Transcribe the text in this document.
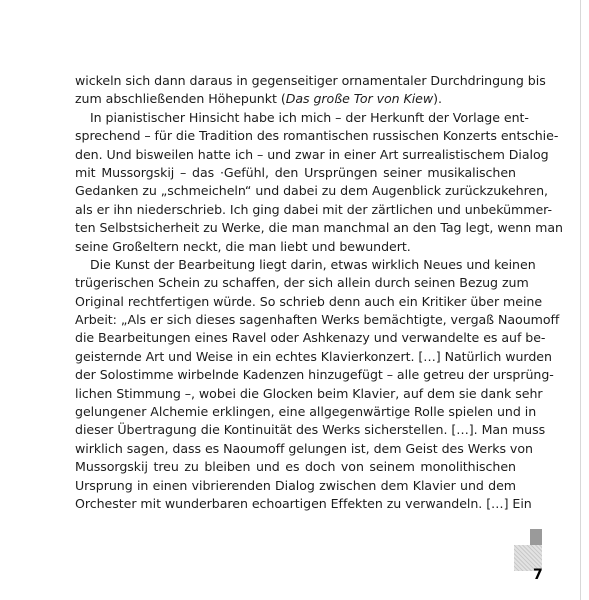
wickeln sich dann daraus in gegenseitiger ornamentaler Durchdringung bis
zum abschließenden Höhepunkt (Das große Tor von Kiew).
In pianistischer Hinsicht habe ich mich – der Herkunft der Vorlage ent-
sprechend – für die Tradition des romantischen russischen Konzerts entschie-
den. Und bisweilen hatte ich – und zwar in einer Art surrealistischem Dialog
mit Mussorgskij – das ·Gefühl, den Ursprüngen seiner musikalischen
Gedanken zu „schmeicheln“ und dabei zu dem Augenblick zurückzukehren,
als er ihn niederschrieb. Ich ging dabei mit der zärtlichen und unbekümmer-
ten Selbstsicherheit zu Werke, die man manchmal an den Tag legt, wenn man
seine Großeltern neckt, die man liebt und bewundert.
Die Kunst der Bearbeitung liegt darin, etwas wirklich Neues und keinen
trügerischen Schein zu schaffen, der sich allein durch seinen Bezug zum
Original rechtfertigen würde. So schrieb denn auch ein Kritiker über meine
Arbeit: „Als er sich dieses sagenhaften Werks bemächtigte, vergaß Naoumoff
die Bearbeitungen eines Ravel oder Ashkenazy und verwandelte es auf be-
geisternde Art und Weise in ein echtes Klavierkonzert. […] Natürlich wurden
der Solostimme wirbelnde Kadenzen hinzugefügt – alle getreu der ursprüng-
lichen Stimmung –, wobei die Glocken beim Klavier, auf dem sie dank sehr
gelungener Alchemie erklingen, eine allgegenwärtige Rolle spielen und in
dieser Übertragung die Kontinuität des Werks sicherstellen. […]. Man muss
wirklich sagen, dass es Naoumoff gelungen ist, dem Geist des Werks von
Mussorgskij treu zu bleiben und es doch von seinem monolithischen
Ursprung in einen vibrierenden Dialog zwischen dem Klavier und dem
Orchester mit wunderbaren echoartigen Effekten zu verwandeln. […] Ein
7
